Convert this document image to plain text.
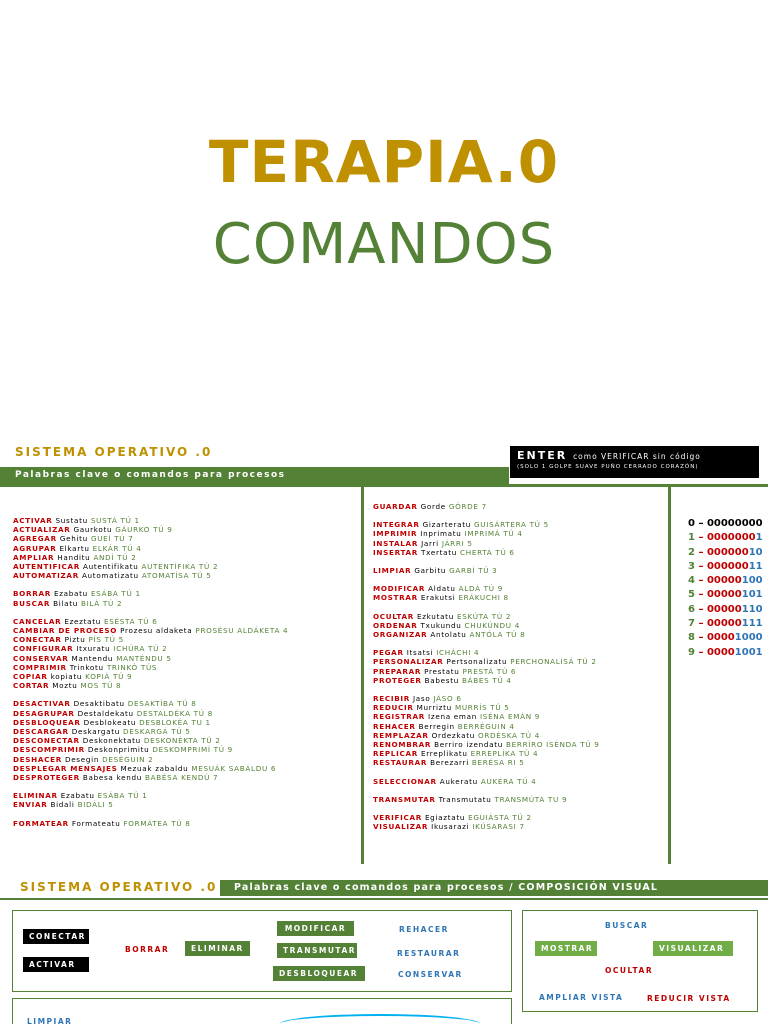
TERAPIA.0
COMANDOS
SISTEMA OPERATIVO .0	ENTER como VERIFICAR sin código
(SOLO 1 GOLPE SUAVE PUÑO CERRADO CORAZÓN)
Palabras clave o comandos para procesos
ACTIVAR Sustatu SUSTÁ TÚ 1
ACTUALIZAR Gaurkotu GÁURKO TÚ 9
AGREGAR Gehitu GUEÍ TÚ 7
AGRUPAR Elkartu ELKÁR TÚ 4
AMPLIAR Handitu ANDÍ TÚ 2
AUTENTIFICAR Autentifikatu AUTENTÍFIKA TÚ 2
AUTOMATIZAR Automatizatu ATOMATÍSA TÚ 5
BORRAR Ezabatu ESÁBA TÚ 1
BUSCAR Bilatu BILÁ TÚ 2
CANCELAR Ezeztatu ESÉSTA TÚ 6
CAMBIAR DE PROCESO Prozesu aldaketa PROSÉSU ALDÁKETA 4
CONECTAR Piztu PÍS TÚ 5
CONFIGURAR Itxuratu ICHÚRA TÚ 2
CONSERVAR Mantendu MANTÉNDU 5
COMPRIMIR Trinkotu TRINKÓ TÚS
COPIAR kopiatu KOPIÁ TÚ 9
CORTAR Moztu MOS TÚ 8
DESACTIVAR Desaktibatu DESAKTÍBA TÚ 8
DESAGRUPAR Destaldekatu DESTALDÉKA TÚ 8
DESBLOQUEAR Desblokeatu DESBLOKÉA TU 1
DESCARGAR Deskargatu DESKARGÁ TÚ 5
DESCONECTAR Deskonektatu DESKONÉKTA TÚ 2
DESCOMPRIMIR Deskonprimitu DESKOMPRIMÍ TÚ 9
DESHACER Desegin DESÉGUIN 2
DESPLEGAR MENSAJES Mezuak zabaldu MESUÁK SABÁLDU 6
DESPROTEGER Babesa kendu BABÉSA KENDÚ 7
ELIMINAR Ezabatu ESÁBA TÚ 1
ENVIAR Bidali BIDÁLI 5
FORMATEAR Formateatu FORMÁTEA TÚ 8
GUARDAR Gorde GÓRDE 7
INTEGRAR Gizarteratu GUISÁRTERA TÚ 5
IMPRIMIR Inprimatu IMPRIMÁ TÚ 4
INSTALAR Jarri JÁRRI 5
INSERTAR Txertatu CHERTÁ TÚ 6
LIMPIAR Garbitu GARBÍ TÚ 3
MODIFICAR Aldatu ALDÁ TÚ 9
MOSTRAR Erakutsi ERÁKUCHI 8
OCULTAR Ezkutatu ESKÚTA TÚ 2
ORDENAR Txukundu CHUKÚNDU 4
ORGANIZAR Antolatu ANTÓLA TÚ 8
PEGAR Itsatsi ICHÁCHI 4
PERSONALIZAR Pertsonalizatu PERCHONALISÁ TÚ 2
PREPARAR Prestatu PRESTÁ TÚ 6
PROTEGER Babestu BÁBES TÚ 4
RECIBIR Jaso JÁSO 6
REDUCIR Murriztu MURRÍS TÚ 5
REGISTRAR Izena eman ISÉNA EMÁN 9
REHACER Berregin BERRÉGUIN 4
REMPLAZAR Ordezkatu ORDÉSKA TÚ 4
RENOMBRAR Berriro izendatu BERRÍRO ISÉNDA TÚ 9
REPLICAR Erreplikatu ERREPLÍKA TÚ 4
RESTAURAR Berezarri BERÉSA RI 5
SELECCIONAR Aukeratu AUKÉRA TÚ 4
TRANSMUTAR Transmutatu TRANSMÚTA TU 9
VERIFICAR Egiaztatu EGUIÁSTA TÚ 2
VISUALIZAR Ikusarazi IKÚSARASI 7
0 – 00000000
1 – 00000001
2 – 00000010
3 – 00000011
4 – 00000100
5 – 00000101
6 – 00000110
7 – 00000111
8 – 00001000
9 – 00001001
SISTEMA OPERATIVO .0	Palabras clave o comandos para procesos / COMPOSICIÓN VISUAL
CONECTAR
ACTIVAR
BORRAR	ELIMINAR
MODIFICAR
TRANSMUTAR
DESBLOQUEAR
REHACER
RESTAURAR
CONSERVAR
BUSCAR
MOSTRAR	VISUALIZAR
OCULTAR
AMPLIAR VISTA	REDUCIR VISTA
LIMPIAR
